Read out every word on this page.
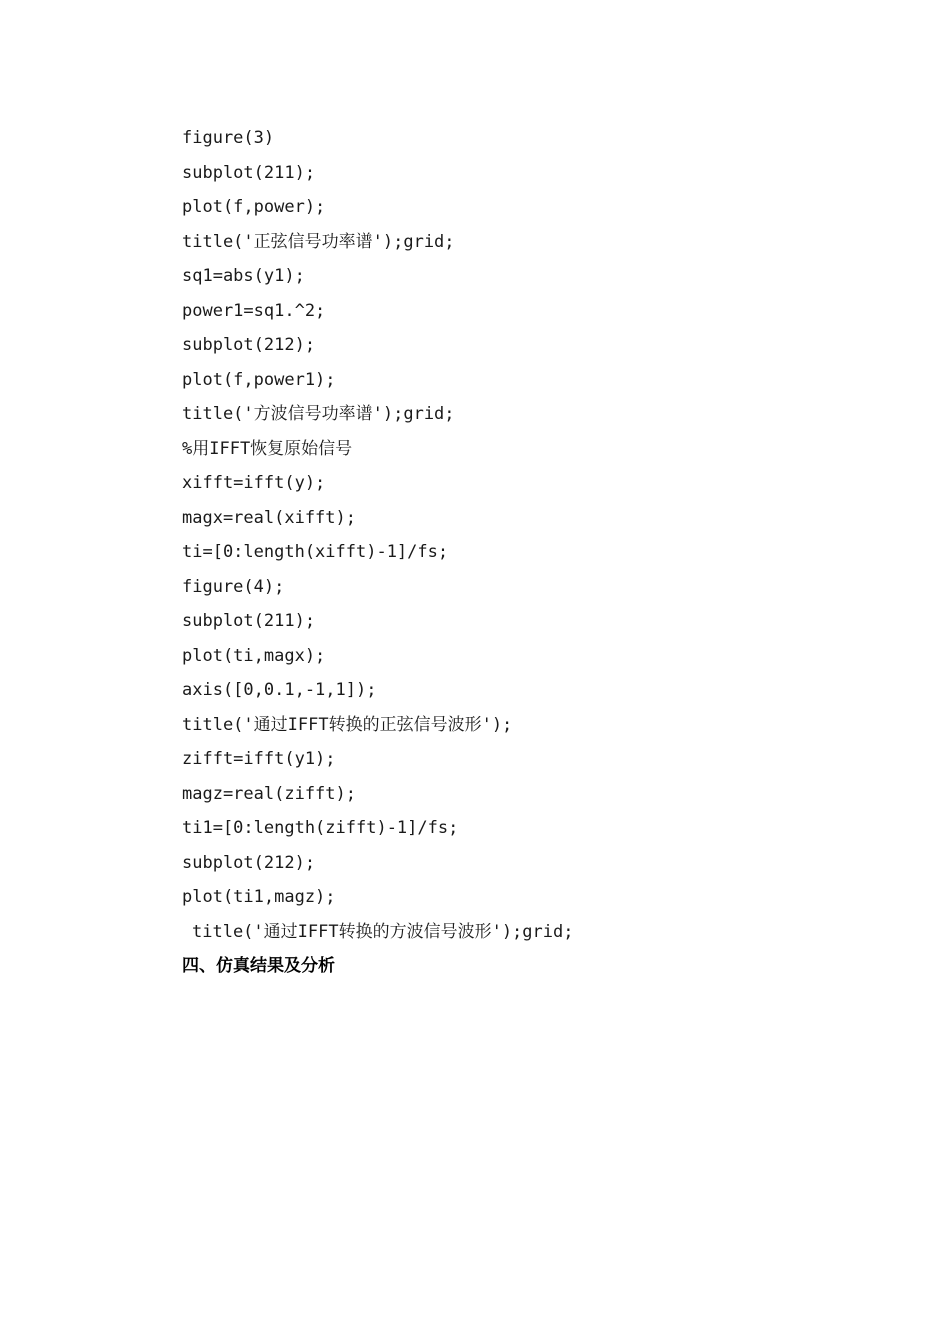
figure(3)
subplot(211);
plot(f,power);
title('正弦信号功率谱');grid;
sq1=abs(y1);
power1=sq1.^2;
subplot(212);
plot(f,power1);
title('方波信号功率谱');grid;
%用IFFT恢复原始信号
xifft=ifft(y);
magx=real(xifft);
ti=[0:length(xifft)-1]/fs;
figure(4);
subplot(211);
plot(ti,magx);
axis([0,0.1,-1,1]);
title('通过IFFT转换的正弦信号波形');
zifft=ifft(y1);
magz=real(zifft);
ti1=[0:length(zifft)-1]/fs;
subplot(212);
plot(ti1,magz);
title('通过IFFT转换的方波信号波形');grid;
四、仿真结果及分析
